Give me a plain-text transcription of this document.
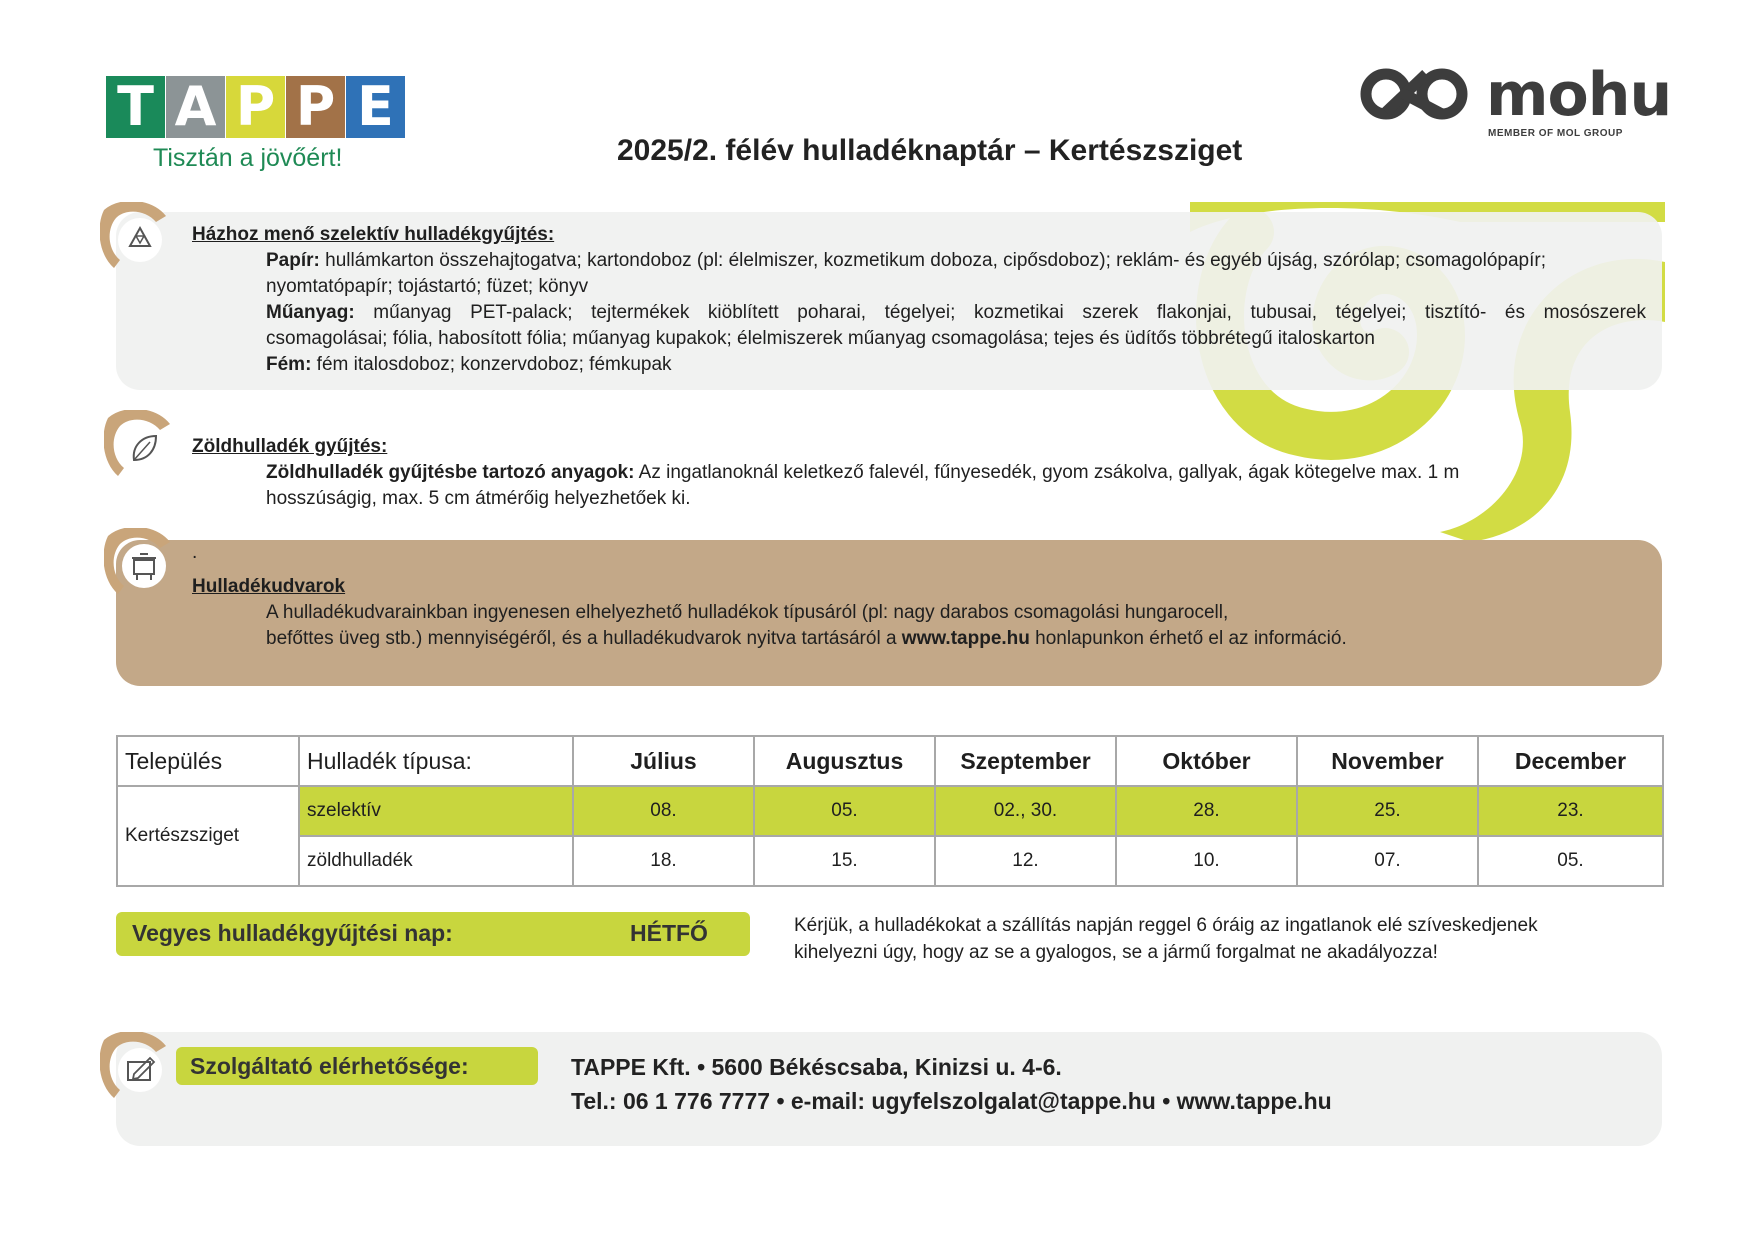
T A P P E
Tisztán a jövőért!	2025/2. félév hulladéknaptár – Kertészsziget
mohu
MEMBER OF MOL GROUP
Házhoz menő szelektív hulladékgyűjtés:
Papír: hullámkarton összehajtogatva; kartondoboz (pl: élelmiszer, kozmetikum doboza, cipősdoboz); reklám- és egyéb újság, szórólap; csomagolópapír;
nyomtatópapír; tojástartó; füzet; könyv
Műanyag: műanyag PET-palack; tejtermékek kiöblített poharai, tégelyei; kozmetikai szerek flakonjai, tubusai, tégelyei; tisztító- és mosószerek
csomagolásai; fólia, habosított fólia; műanyag kupakok; élelmiszerek műanyag csomagolása; tejes és üdítős többrétegű italoskarton
Fém: fém italosdoboz; konzervdoboz; fémkupak
Zöldhulladék gyűjtés:
Zöldhulladék gyűjtésbe tartozó anyagok: Az ingatlanoknál keletkező falevél, fűnyesedék, gyom zsákolva, gallyak, ágak kötegelve max. 1 m
hosszúságig, max. 5 cm átmérőig helyezhetőek ki.
.
Hulladékudvarok
A hulladékudvarainkban ingyenesen elhelyezhető hulladékok típusáról (pl: nagy darabos csomagolási hungarocell,
befőttes üveg stb.) mennyiségéről, és a hulladékudvarok nyitva tartásáról a www.tappe.hu honlapunkon érhető el az információ.
Település	Hulladék típusa:	Július	Augusztus	Szeptember	Október	November	December
Kertészsziget	szelektív	08.	05.	02., 30.	28.	25.	23.
	zöldhulladék	18.	15.	12.	10.	07.	05.
Vegyes hulladékgyűjtési nap:	HÉTFŐ	Kérjük, a hulladékokat a szállítás napján reggel 6 óráig az ingatlanok elé szíveskedjenek
kihelyezni úgy, hogy az se a gyalogos, se a jármű forgalmat ne akadályozza!
Szolgáltató elérhetősége:	TAPPE Kft. • 5600 Békéscsaba, Kinizsi u. 4-6.
Tel.: 06 1 776 7777 • e-mail: ugyfelszolgalat@tappe.hu • www.tappe.hu
